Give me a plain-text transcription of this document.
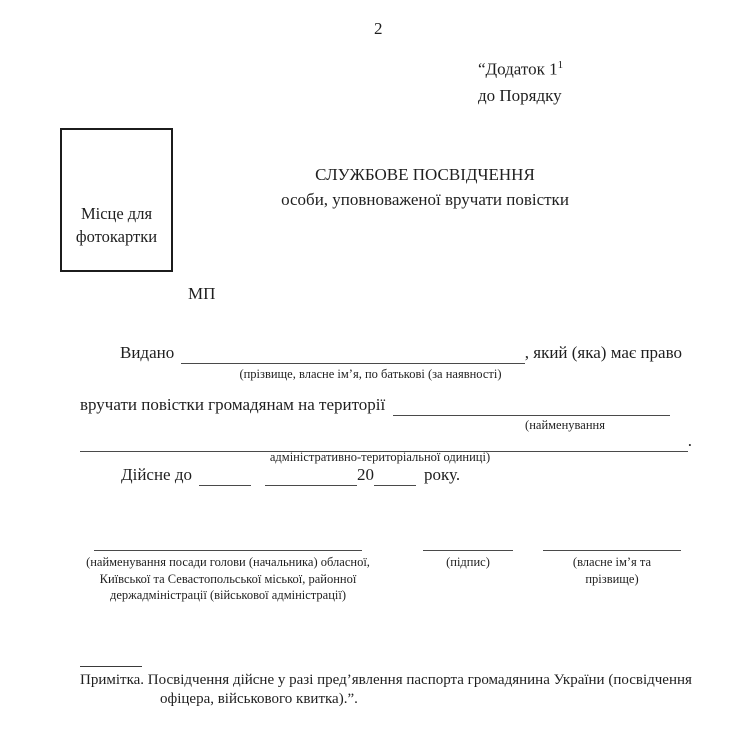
2
“Додаток $1^1$
до Порядку
Місце для фотокартки
СЛУЖБОВЕ ПОСВІДЧЕННЯ
особи, уповноваженої вручати повістки
МП
Видано	, який (яка) має право
(прізвище, власне ім’я, по батькові (за наявності)
вручати повістки громадянам на території
(найменування
.
адміністративно-територіальної одиниці)
Дійсне до	20	року.
(найменування посади голови (начальника) обласної,
Київської та Севастопольської міської, районної
держадміністрації (військової адміністрації)
(підпис)	(власне ім’я та
прізвище)
Примітка. Посвідчення дійсне у разі пред’явлення паспорта громадянина України (посвідчення
офіцера, військового квитка).”.
